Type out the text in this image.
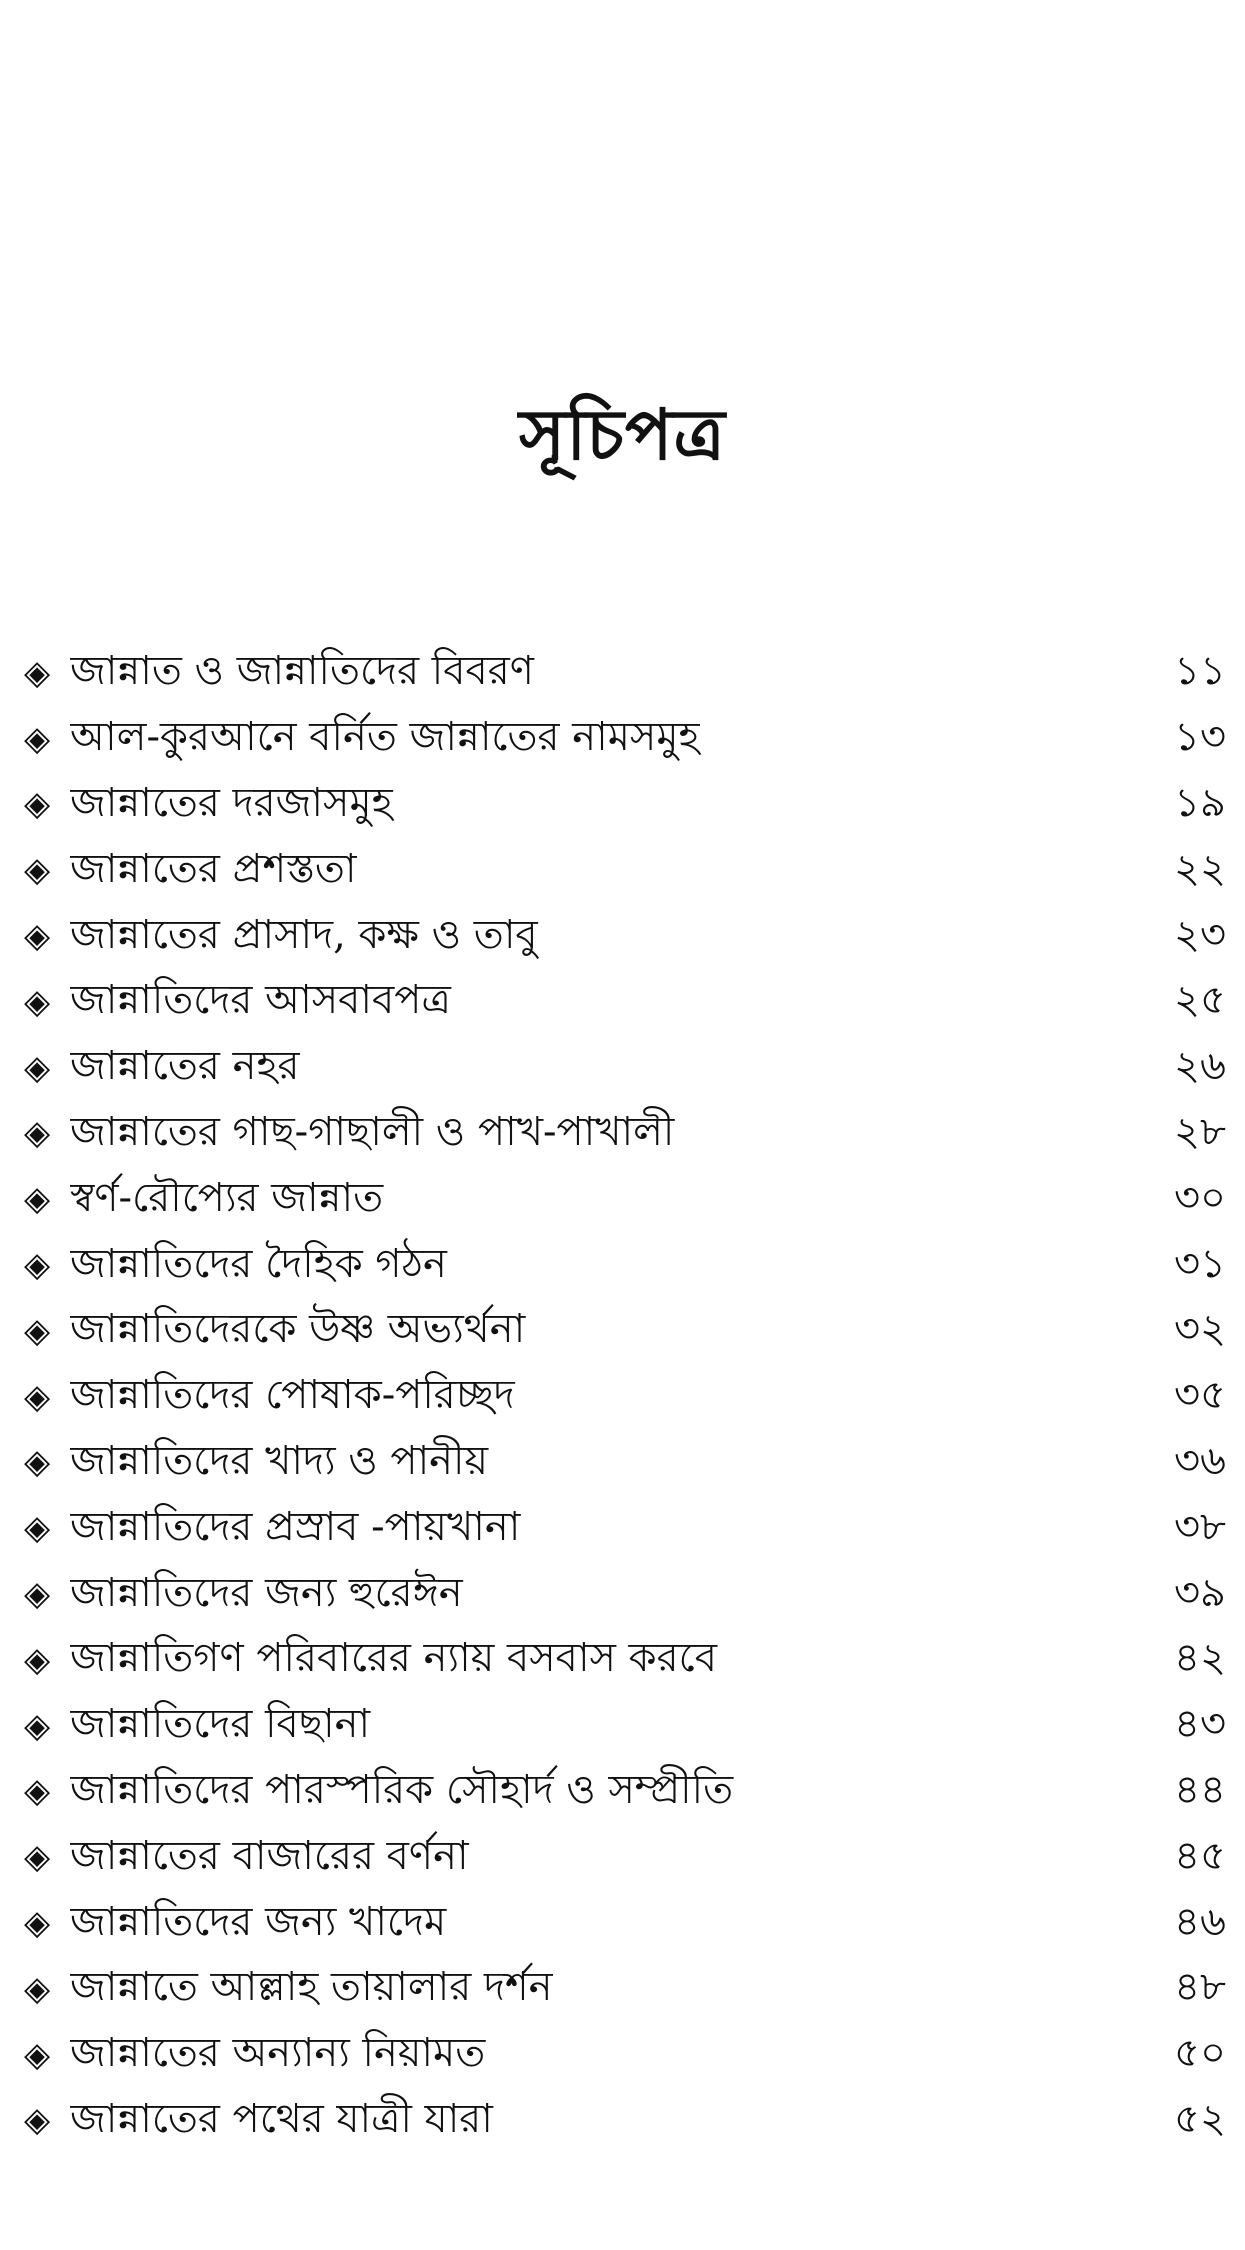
সূচিপত্র
◈ জান্নাত ও জান্নাতিদের বিবরণ	১১
◈ আল-কুরআনে বর্নিত জান্নাতের নামসমুহ	১৩
◈ জান্নাতের দরজাসমুহ	১৯
◈ জান্নাতের প্রশস্ততা	২২
◈ জান্নাতের প্রাসাদ, কক্ষ ও তাবু	২৩
◈ জান্নাতিদের আসবাবপত্র	২৫
◈ জান্নাতের নহর	২৬
◈ জান্নাতের গাছ-গাছালী ও পাখ-পাখালী	২৮
◈ স্বর্ণ-রৌপ্যের জান্নাত	৩০
◈ জান্নাতিদের দৈহিক গঠন	৩১
◈ জান্নাতিদেরকে উষ্ণ অভ্যর্থনা	৩২
◈ জান্নাতিদের পোষাক-পরিচ্ছদ	৩৫
◈ জান্নাতিদের খাদ্য ও পানীয়	৩৬
◈ জান্নাতিদের প্রস্রাব -পায়খানা	৩৮
◈ জান্নাতিদের জন্য হুরেঈন	৩৯
◈ জান্নাতিগণ পরিবারের ন্যায় বসবাস করবে	৪২
◈ জান্নাতিদের বিছানা	৪৩
◈ জান্নাতিদের পারস্পরিক সৌহার্দ ও সম্প্রীতি	৪৪
◈ জান্নাতের বাজারের বর্ণনা	৪৫
◈ জান্নাতিদের জন্য খাদেম	৪৬
◈ জান্নাতে আল্লাহ তায়ালার দর্শন	৪৮
◈ জান্নাতের অন্যান্য নিয়ামত	৫০
◈ জান্নাতের পথের যাত্রী যারা	৫২
